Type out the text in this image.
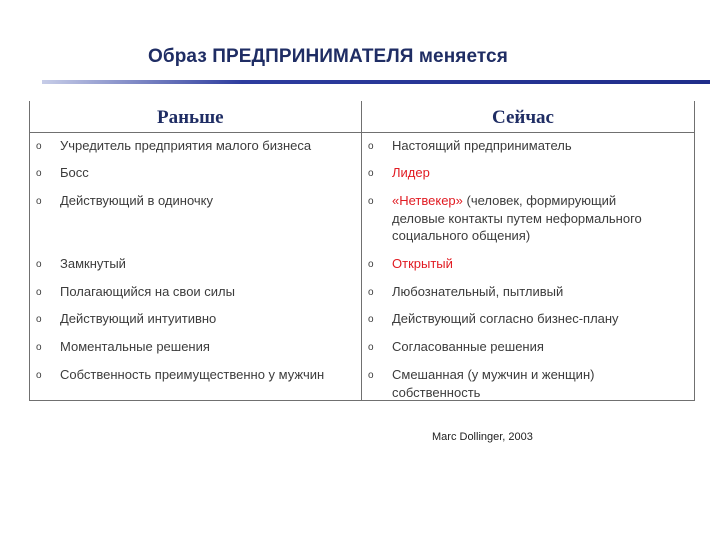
Образ ПРЕДПРИНИМАТЕЛЯ меняется
Раньше	Сейчас
o Учредитель предприятия малого бизнеса
o Босс
o Действующий в одиночку
o Замкнутый
o Полагающийся на свои силы
o Действующий интуитивно
o Моментальные решения
o Собственность преимущественно у мужчин
o Настоящий предприниматель
o Лидер
o «Нетвекер» (человек, формирующий
деловые контакты путем неформального
социального общения)
o Открытый
o Любознательный, пытливый
o Действующий согласно бизнес-плану
o Согласованные решения
o Смешанная (у мужчин и женщин)
собственность
Marc Dollinger, 2003
